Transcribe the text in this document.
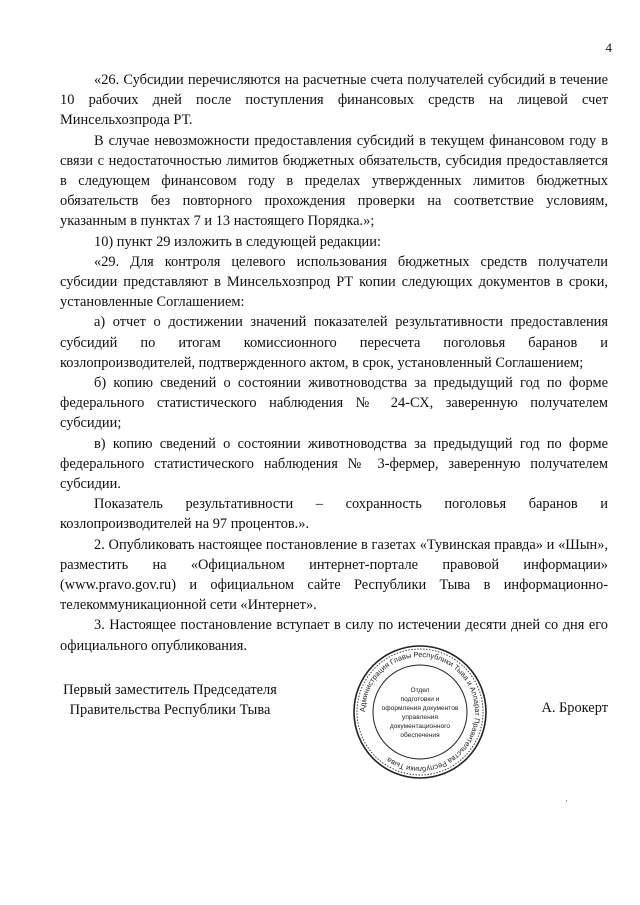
4

«26. Субсидии перечисляются на расчетные счета получателей субсидий в течение 10 рабочих дней после поступления финансовых средств на лицевой счет Минсельхозпрода РТ.

В случае невозможности предоставления субсидий в текущем финансовом году в связи с недостаточностью лимитов бюджетных обязательств, субсидия предоставляется в следующем финансовом году в пределах утвержденных лимитов бюджетных обязательств без повторного прохождения проверки на соответствие условиям, указанным в пунктах 7 и 13 настоящего Порядка.»;

10) пункт 29 изложить в следующей редакции:

«29. Для контроля целевого использования бюджетных средств получатели субсидии представляют в Минсельхозпрод РТ копии следующих документов в сроки, установленные Соглашением:

а) отчет о достижении значений показателей результативности предоставления субсидий по итогам комиссионного пересчета поголовья баранов и козлопроизводителей, подтвержденного актом, в срок, установленный Соглашением;

б) копию сведений о состоянии животноводства за предыдущий год по форме федерального статистического наблюдения № 24-СХ, заверенную получателем субсидии;

в) копию сведений о состоянии животноводства за предыдущий год по форме федерального статистического наблюдения № 3-фермер, заверенную получателем субсидии.

Показатель результативности – сохранность поголовья баранов и козлопроизводителей на 97 процентов.».

2. Опубликовать настоящее постановление в газетах «Тувинская правда» и «Шын», разместить на «Официальном интернет-портале правовой информации» (www.pravo.gov.ru) и официальном сайте Республики Тыва в информационно-телекоммуникационной сети «Интернет».

3. Настоящее постановление вступает в силу по истечении десяти дней со дня его официального опубликования.

Первый заместитель Председателя
Правительства Республики Тыва	Администрация Главы Республики Тыва и Аппарат Правительства Республики Тыва
Отдел
подготовки и
оформления документов
управления
документационного
обеспечения
А. Брокерт
